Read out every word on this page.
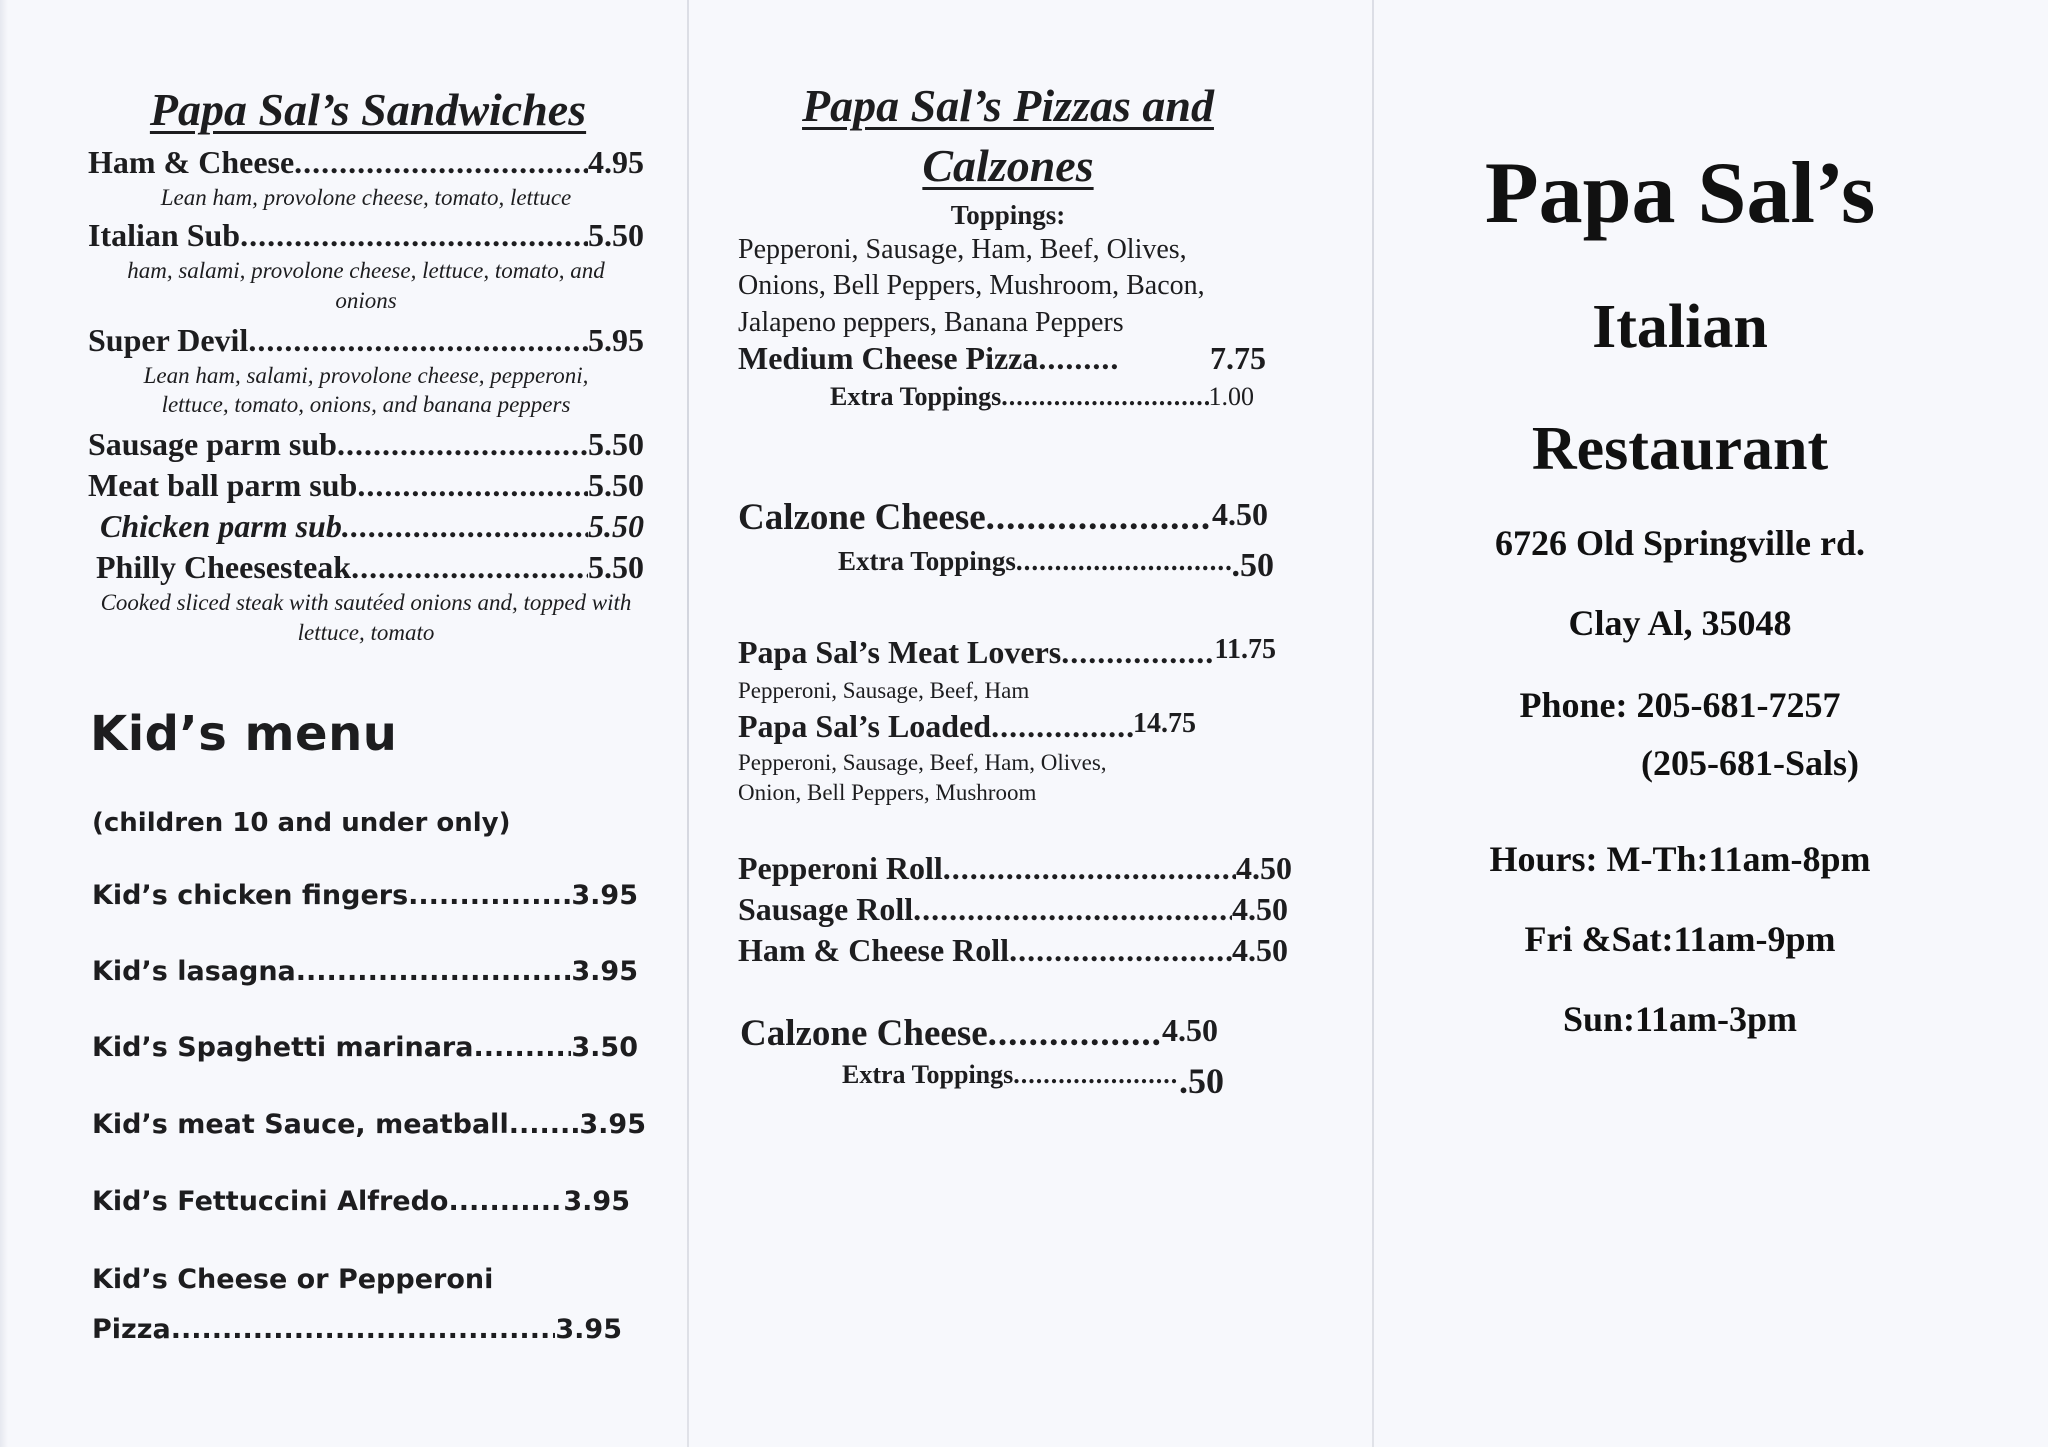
Papa Sal’s Sandwiches
Ham & Cheese .....	4.95

Lean ham, provolone cheese, tomato, lettuce

Italian Sub .....	5.50

ham, salami, provolone cheese, lettuce, tomato, and onions

Super Devil .....	5.95

Lean ham, salami, provolone cheese, pepperoni, lettuce, tomato, onions, and banana peppers

Sausage parm sub .....	5.50
Meat ball parm sub .....	5.50
Chicken parm sub .....	5.50
Philly Cheesesteak .....	5.50

Cooked sliced steak with sautéed onions and, topped with lettuce, tomato

Kid’s menu

(children 10 and under only)

Kid’s chicken fingers .....	3.95
Kid’s lasagna .....	3.95
Kid’s Spaghetti marinara .....	3.50
Kid’s meat Sauce, meatball .....	3.95
Kid’s Fettuccini Alfredo .....	3.95
Kid’s Cheese or Pepperoni
Pizza .....	3.95
Papa Sal’s Pizzas and
Calzones
Toppings:
Pepperoni, Sausage, Ham, Beef, Olives, Onions, Bell Peppers, Mushroom, Bacon, Jalapeno peppers, Banana Peppers
Medium Cheese Pizza .....	7.75
Extra Toppings .....	1.00
Calzone Cheese .....	4.50
Extra Toppings .....	.50
Papa Sal’s Meat Lovers .....	11.75
Pepperoni, Sausage, Beef, Ham
Papa Sal’s Loaded .....	14.75
Pepperoni, Sausage, Beef, Ham, Olives,
Onion, Bell Peppers, Mushroom
Pepperoni Roll .....	4.50
Sausage Roll .....	4.50
Ham & Cheese Roll .....	4.50
Calzone Cheese .....	4.50
Extra Toppings .....	.50
Papa Sal’s
Italian
Restaurant

6726 Old Springville rd.

Clay Al, 35048

Phone: 205-681-7257

(205-681-Sals)

Hours: M-Th:11am-8pm

Fri &Sat:11am-9pm

Sun:11am-3pm
